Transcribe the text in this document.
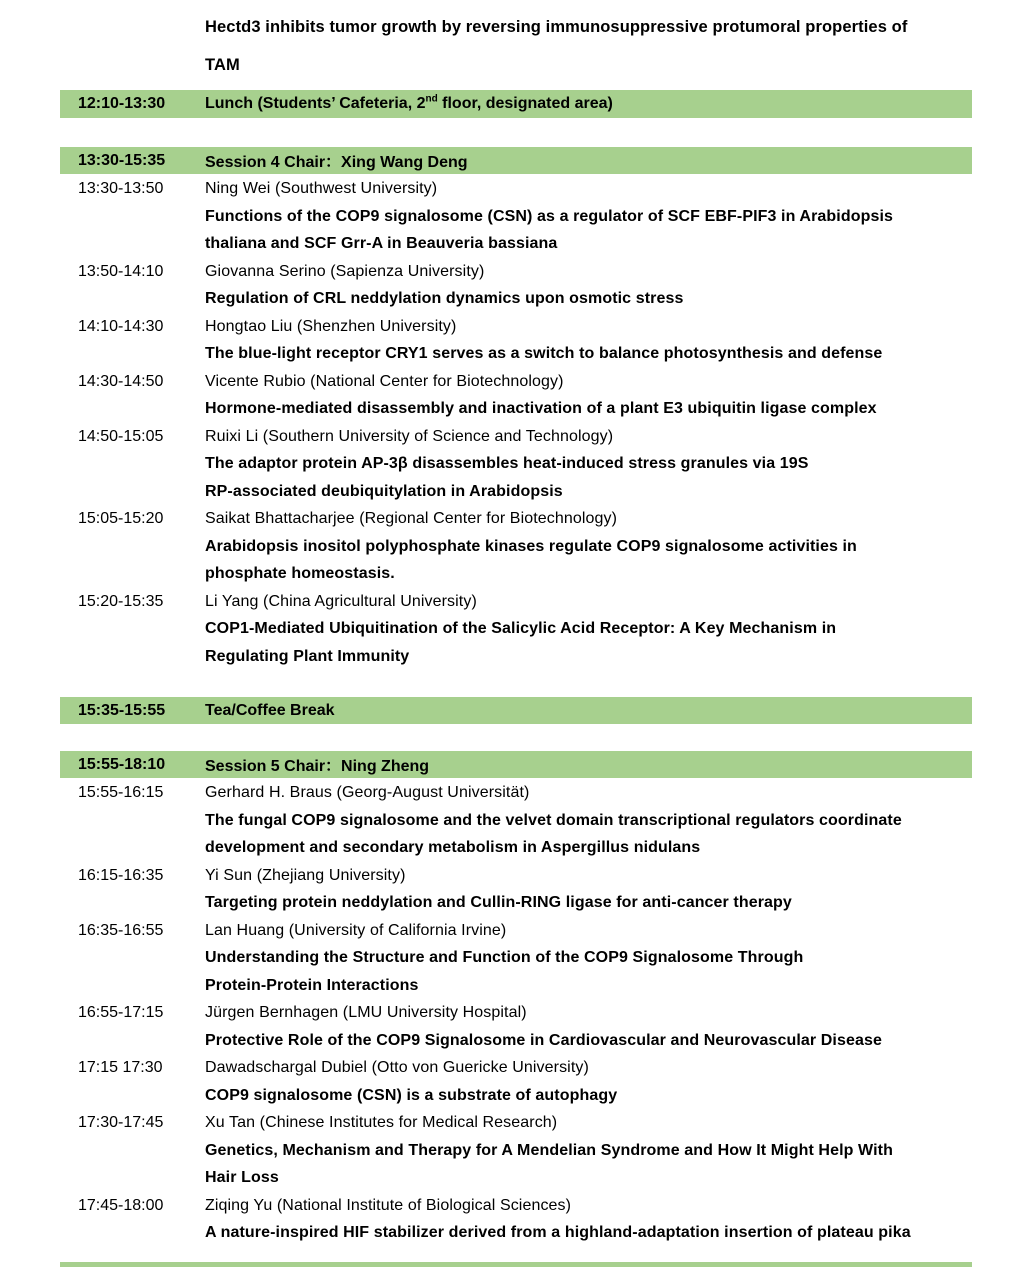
Hectd3 inhibits tumor growth by reversing immunosuppressive protumoral properties of
TAM
12:10-13:30	Lunch (Students’ Cafeteria, 2nd floor, designated area)
13:30-15:35	Session 4 Chair：Xing Wang Deng
13:30-13:50	Ning Wei (Southwest University)
Functions of the COP9 signalosome (CSN) as a regulator of SCF EBF-PIF3 in Arabidopsis
thaliana and SCF Grr-A in Beauveria bassiana
13:50-14:10	Giovanna Serino (Sapienza University)
Regulation of CRL neddylation dynamics upon osmotic stress
14:10-14:30	Hongtao Liu (Shenzhen University)
The blue-light receptor CRY1 serves as a switch to balance photosynthesis and defense
14:30-14:50	Vicente Rubio (National Center for Biotechnology)
Hormone-mediated disassembly and inactivation of a plant E3 ubiquitin ligase complex
14:50-15:05	Ruixi Li (Southern University of Science and Technology)
The adaptor protein AP-3β disassembles heat-induced stress granules via 19S
RP-associated deubiquitylation in Arabidopsis
15:05-15:20	Saikat Bhattacharjee (Regional Center for Biotechnology)
Arabidopsis inositol polyphosphate kinases regulate COP9 signalosome activities in
phosphate homeostasis.
15:20-15:35	Li Yang (China Agricultural University)
COP1-Mediated Ubiquitination of the Salicylic Acid Receptor: A Key Mechanism in
Regulating Plant Immunity
15:35-15:55	Tea/Coffee Break
15:55-18:10	Session 5 Chair：Ning Zheng
15:55-16:15	Gerhard H. Braus (Georg-August Universität)
The fungal COP9 signalosome and the velvet domain transcriptional regulators coordinate
development and secondary metabolism in Aspergillus nidulans
16:15-16:35	Yi Sun (Zhejiang University)
Targeting protein neddylation and Cullin-RING ligase for anti-cancer therapy
16:35-16:55	Lan Huang (University of California Irvine)
Understanding the Structure and Function of the COP9 Signalosome Through
Protein-Protein Interactions
16:55-17:15	Jürgen Bernhagen (LMU University Hospital)
Protective Role of the COP9 Signalosome in Cardiovascular and Neurovascular Disease
17:15 17:30	Dawadschargal Dubiel (Otto von Guericke University)
COP9 signalosome (CSN) is a substrate of autophagy
17:30-17:45	Xu Tan (Chinese Institutes for Medical Research)
Genetics, Mechanism and Therapy for A Mendelian Syndrome and How It Might Help With
Hair Loss
17:45-18:00	Ziqing Yu (National Institute of Biological Sciences)
A nature-inspired HIF stabilizer derived from a highland-adaptation insertion of plateau pika
